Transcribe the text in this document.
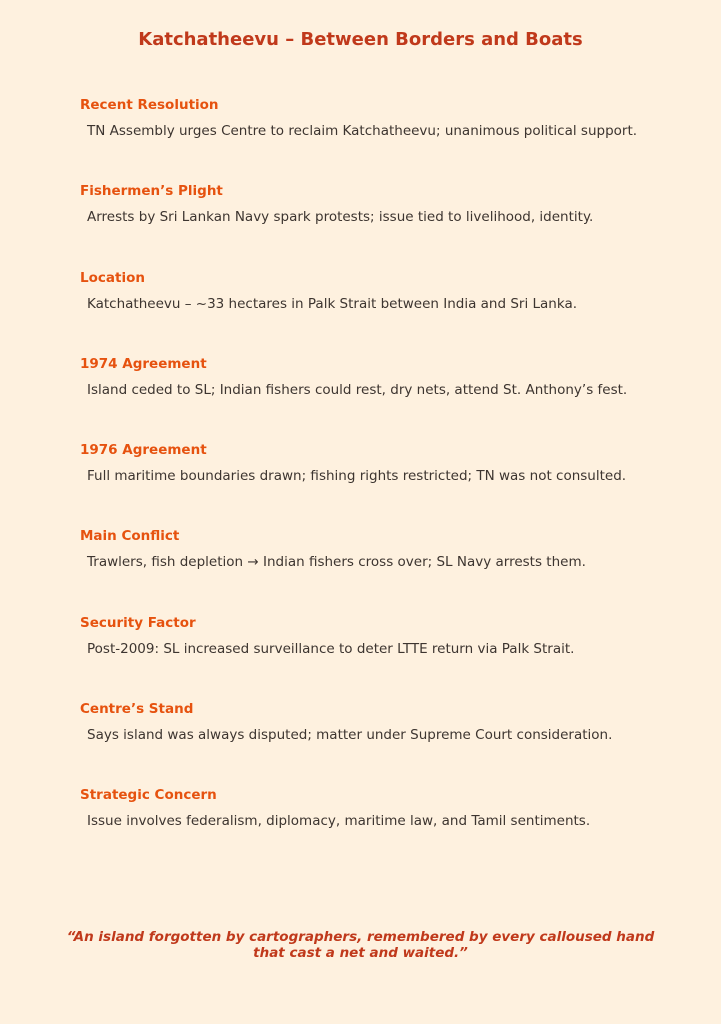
Katchatheevu – Between Borders and Boats

Recent Resolution

TN Assembly urges Centre to reclaim Katchatheevu; unanimous political support.

Fishermen’s Plight

Arrests by Sri Lankan Navy spark protests; issue tied to livelihood, identity.

Location

Katchatheevu – ~33 hectares in Palk Strait between India and Sri Lanka.

1974 Agreement

Island ceded to SL; Indian fishers could rest, dry nets, attend St. Anthony’s fest.

1976 Agreement

Full maritime boundaries drawn; fishing rights restricted; TN was not consulted.

Main Conflict

Trawlers, fish depletion → Indian fishers cross over; SL Navy arrests them.

Security Factor

Post-2009: SL increased surveillance to deter LTTE return via Palk Strait.

Centre’s Stand

Says island was always disputed; matter under Supreme Court consideration.

Strategic Concern

Issue involves federalism, diplomacy, maritime law, and Tamil sentiments.

“An island forgotten by cartographers, remembered by every calloused hand
that cast a net and waited.”
